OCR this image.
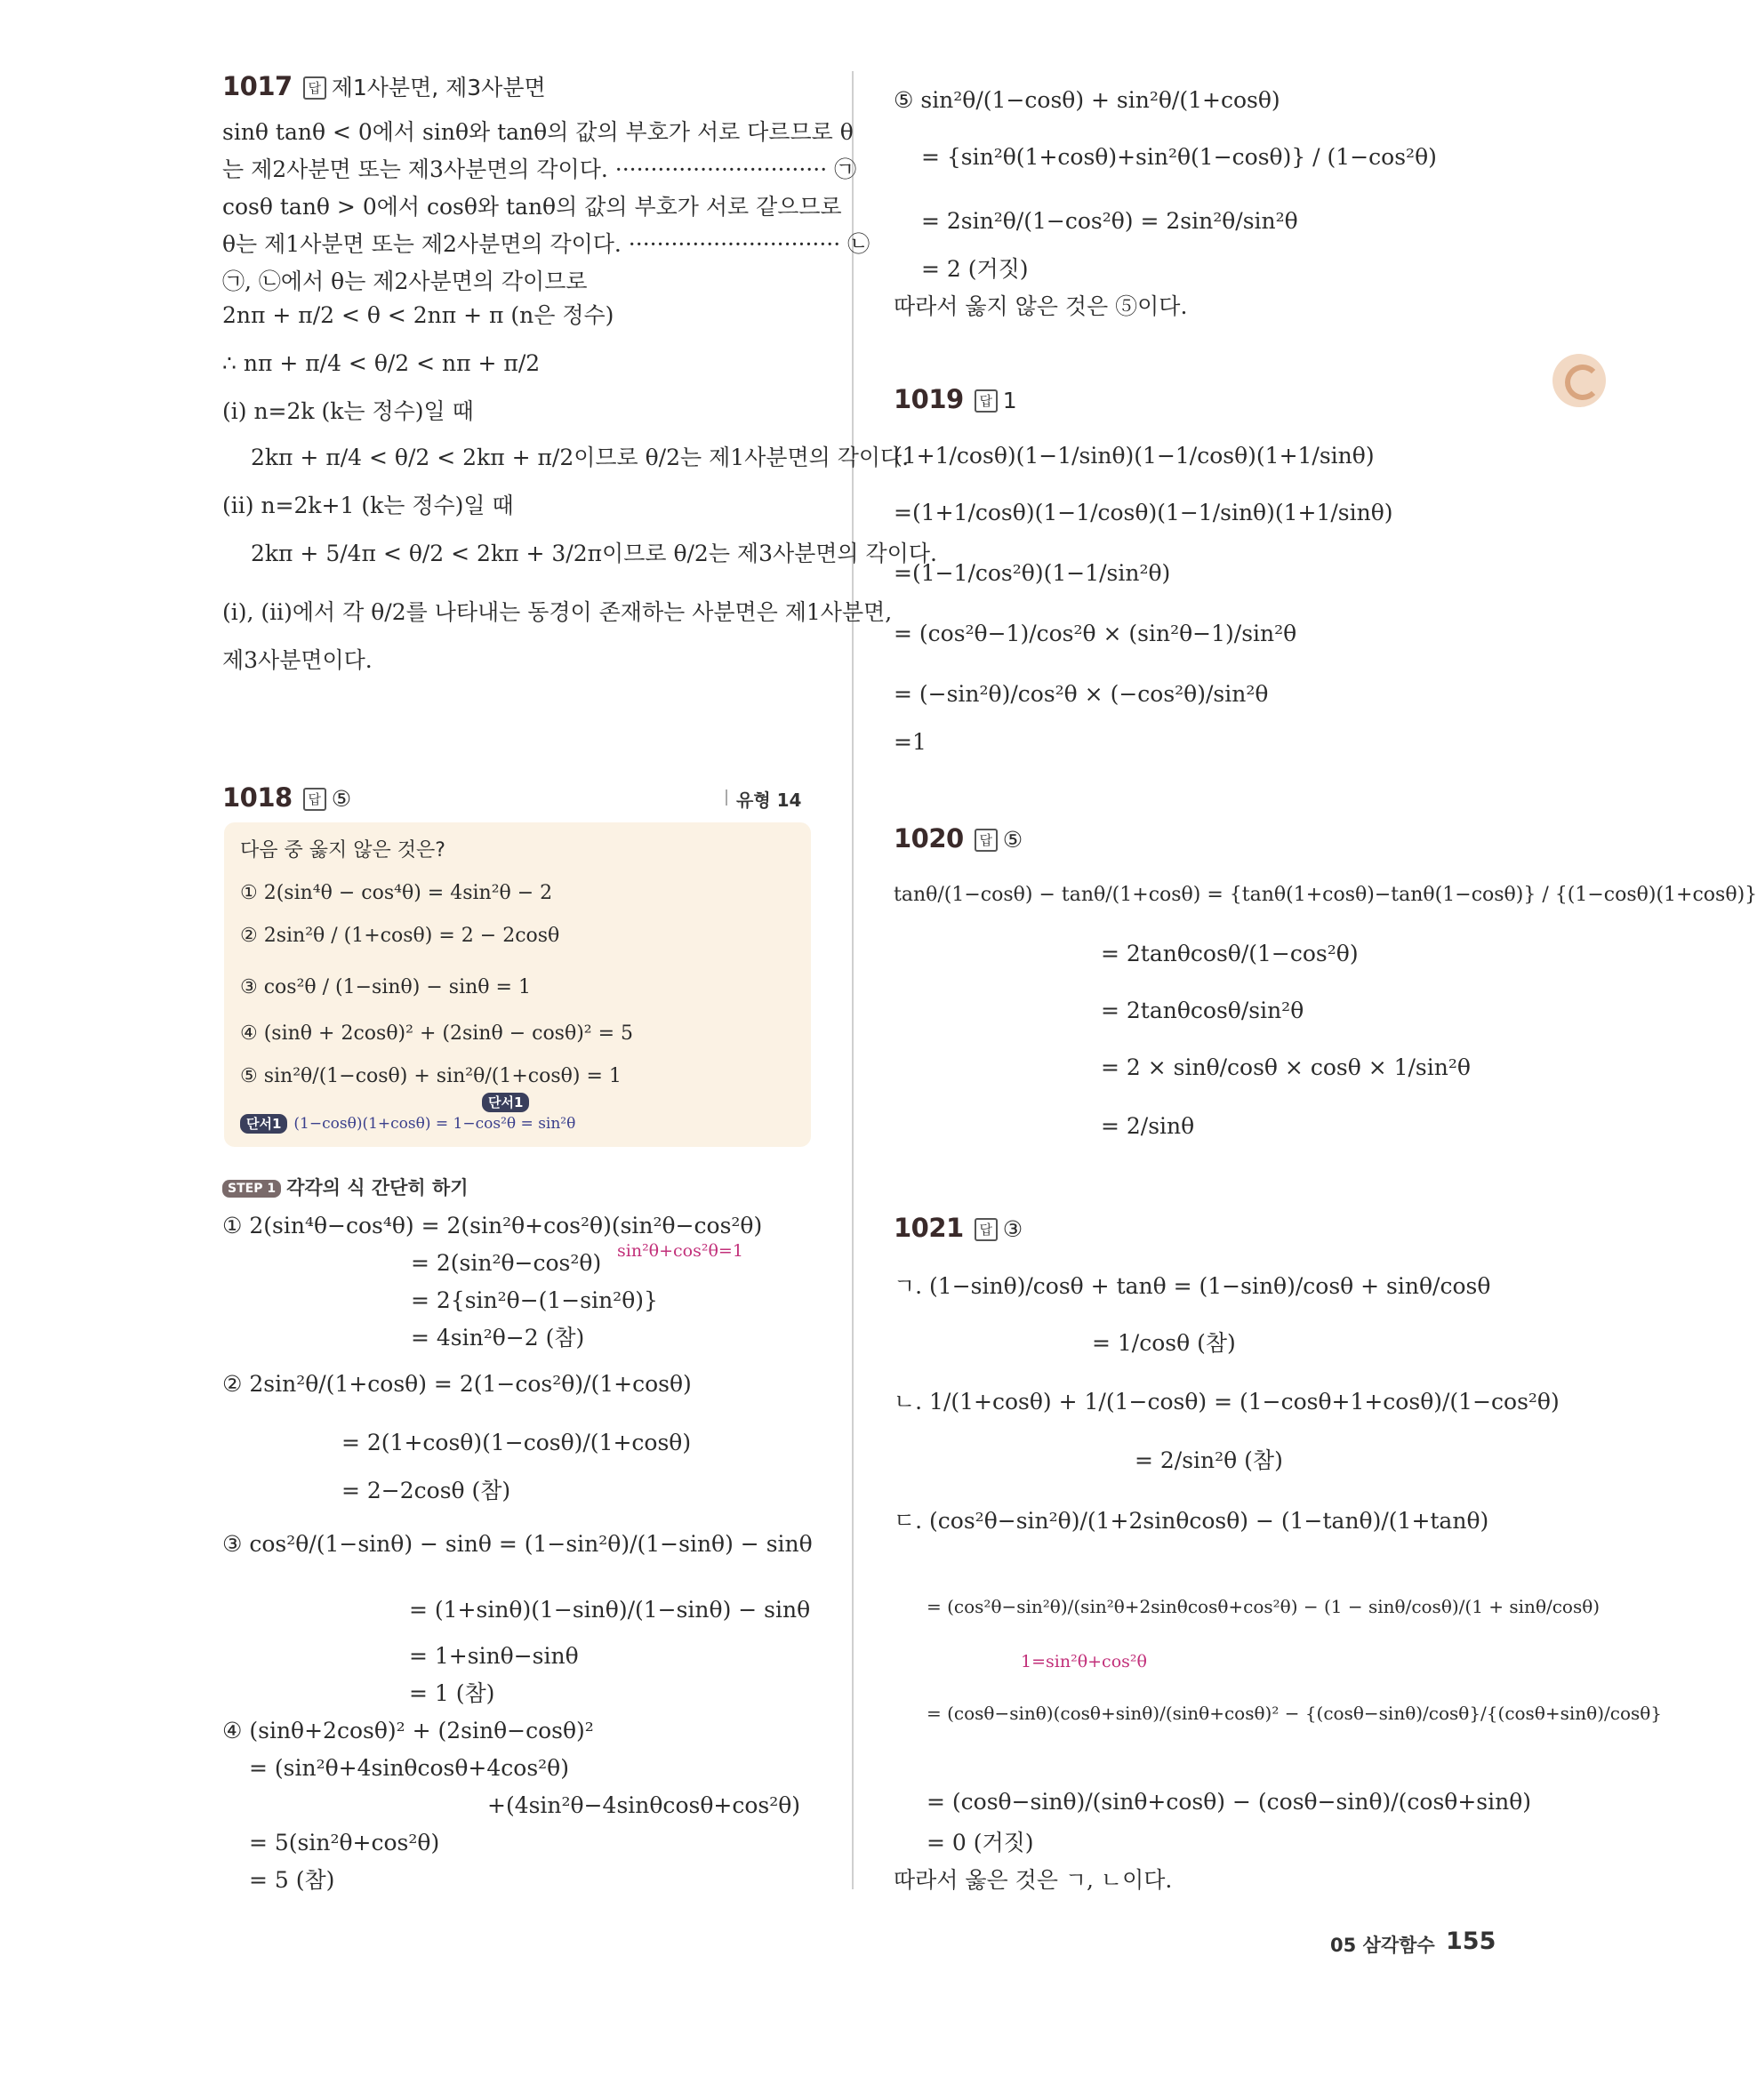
1017 답 제1사분면, 제3사분면
sinθ tanθ < 0에서 sinθ와 tanθ의 값의 부호가 서로 다르므로 θ
는 제2사분면 또는 제3사분면의 각이다. ······························ ㉠
cosθ tanθ > 0에서 cosθ와 tanθ의 값의 부호가 서로 같으므로
θ는 제1사분면 또는 제2사분면의 각이다. ······························ ㉡
㉠, ㉡에서 θ는 제2사분면의 각이므로
2nπ + π/2 < θ < 2nπ + π (n은 정수)
∴ nπ + π/4 < θ/2 < nπ + π/2
(i) n=2k (k는 정수)일 때
2kπ + π/4 < θ/2 < 2kπ + π/2이므로 θ/2는 제1사분면의 각이다.
(ii) n=2k+1 (k는 정수)일 때
2kπ + 5/4π < θ/2 < 2kπ + 3/2π이므로 θ/2는 제3사분면의 각이다.
(i), (ii)에서 각 θ/2를 나타내는 동경이 존재하는 사분면은 제1사분면,
제3사분면이다.
1018 답 ⑤	유형 14
다음 중 옳지 않은 것은?
① 2(sin⁴θ − cos⁴θ) = 4sin²θ − 2
② 2sin²θ / (1+cosθ) = 2 − 2cosθ
③ cos²θ / (1−sinθ) − sinθ = 1
④ (sinθ + 2cosθ)² + (2sinθ − cosθ)² = 5
⑤ sin²θ/(1−cosθ) + sin²θ/(1+cosθ) = 1
단서1
단서1 (1−cosθ)(1+cosθ) = 1−cos²θ = sin²θ
STEP 1 각각의 식 간단히 하기
① 2(sin⁴θ−cos⁴θ) = 2(sin²θ+cos²θ)(sin²θ−cos²θ)
sin²θ+cos²θ=1
= 2(sin²θ−cos²θ)
= 2{sin²θ−(1−sin²θ)}
= 4sin²θ−2 (참)
② 2sin²θ/(1+cosθ) = 2(1−cos²θ)/(1+cosθ)
= 2(1+cosθ)(1−cosθ)/(1+cosθ)
= 2−2cosθ (참)
③ cos²θ/(1−sinθ) − sinθ = (1−sin²θ)/(1−sinθ) − sinθ
= (1+sinθ)(1−sinθ)/(1−sinθ) − sinθ
= 1+sinθ−sinθ
= 1 (참)
④ (sinθ+2cosθ)² + (2sinθ−cosθ)²
= (sin²θ+4sinθcosθ+4cos²θ)
+(4sin²θ−4sinθcosθ+cos²θ)
= 5(sin²θ+cos²θ)
= 5 (참)
⑤ sin²θ/(1−cosθ) + sin²θ/(1+cosθ)
= {sin²θ(1+cosθ)+sin²θ(1−cosθ)} / (1−cos²θ)
= 2sin²θ/(1−cos²θ) = 2sin²θ/sin²θ
= 2 (거짓)
따라서 옳지 않은 것은 ⑤이다.
1019 답 1
(1+1/cosθ)(1−1/sinθ)(1−1/cosθ)(1+1/sinθ)
=(1+1/cosθ)(1−1/cosθ)(1−1/sinθ)(1+1/sinθ)
=(1−1/cos²θ)(1−1/sin²θ)
= (cos²θ−1)/cos²θ × (sin²θ−1)/sin²θ
= (−sin²θ)/cos²θ × (−cos²θ)/sin²θ
=1
1020 답 ⑤
tanθ/(1−cosθ) − tanθ/(1+cosθ) = {tanθ(1+cosθ)−tanθ(1−cosθ)} / {(1−cosθ)(1+cosθ)}
= 2tanθcosθ/(1−cos²θ)
= 2tanθcosθ/sin²θ
= 2 × sinθ/cosθ × cosθ × 1/sin²θ
= 2/sinθ
1021 답 ③
ㄱ. (1−sinθ)/cosθ + tanθ = (1−sinθ)/cosθ + sinθ/cosθ
= 1/cosθ (참)
ㄴ. 1/(1+cosθ) + 1/(1−cosθ) = (1−cosθ+1+cosθ)/(1−cos²θ)
= 2/sin²θ (참)
ㄷ. (cos²θ−sin²θ)/(1+2sinθcosθ) − (1−tanθ)/(1+tanθ)
= (cos²θ−sin²θ)/(sin²θ+2sinθcosθ+cos²θ) − (1 − sinθ/cosθ)/(1 + sinθ/cosθ)
1=sin²θ+cos²θ
= (cosθ−sinθ)(cosθ+sinθ)/(sinθ+cosθ)² − {(cosθ−sinθ)/cosθ}/{(cosθ+sinθ)/cosθ}
= (cosθ−sinθ)/(sinθ+cosθ) − (cosθ−sinθ)/(cosθ+sinθ)
= 0 (거짓)
따라서 옳은 것은 ㄱ, ㄴ이다.
05 삼각함수 155
